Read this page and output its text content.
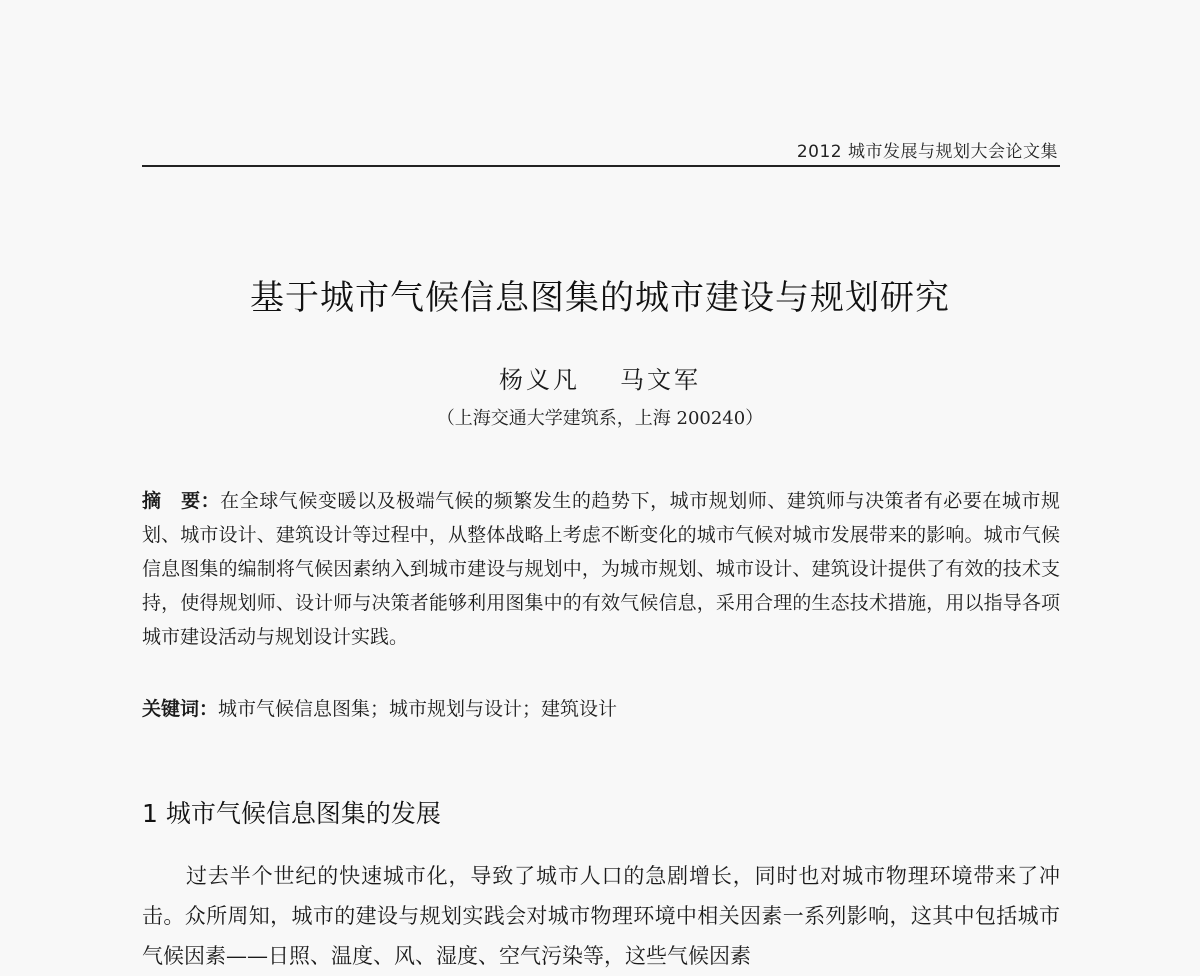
2012 城市发展与规划大会论文集
基于城市气候信息图集的城市建设与规划研究
杨义凡 马文军
（上海交通大学建筑系，上海 200240）
摘　要：在全球气候变暖以及极端气候的频繁发生的趋势下，城市规划师、建筑师与决策者有必要在城市规划、城市设计、建筑设计等过程中，从整体战略上考虑不断变化的城市气候对城市发展带来的影响。城市气候信息图集的编制将气候因素纳入到城市建设与规划中，为城市规划、城市设计、建筑设计提供了有效的技术支持，使得规划师、设计师与决策者能够利用图集中的有效气候信息，采用合理的生态技术措施，用以指导各项城市建设活动与规划设计实践。
关键词：城市气候信息图集；城市规划与设计；建筑设计
1 城市气候信息图集的发展

过去半个世纪的快速城市化，导致了城市人口的急剧增长，同时也对城市物理环境带来了冲击。众所周知，城市的建设与规划实践会对城市物理环境中相关因素一系列影响，这其中包括城市气候因素——日照、温度、风、湿度、空气污染等，这些气候因素
